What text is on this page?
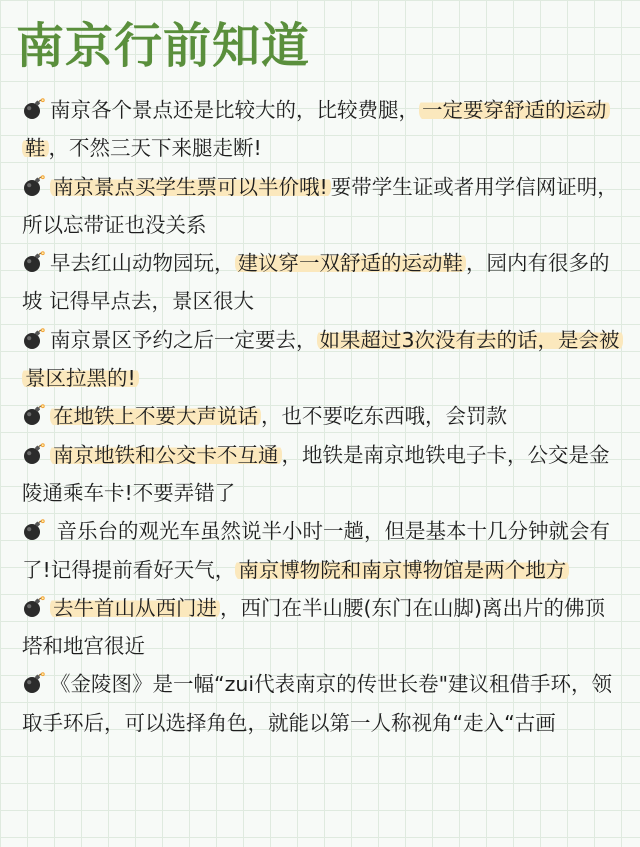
南京行前知道

南京各个景点还是比较大的，比较费腿， 一定要穿舒适的运动鞋 ，不然三天下来腿走断!

南京景点买学生票可以半价哦! 要带学生证或者用学信网证明，所以忘带证也没关系

早去红山动物园玩， 建议穿一双舒适的运动鞋 ，园内有很多的坡 记得早点去，景区很大

南京景区予约之后一定要去， 如果超过3次没有去的话，是会被景区拉黑的!

在地铁上不要大声说话 ，也不要吃东西哦，会罚款

南京地铁和公交卡不互通 ，地铁是南京地铁电子卡，公交是金陵通乘车卡!不要弄错了

音乐台的观光车虽然说半小时一趟，但是基本十几分钟就会有了!记得提前看好天气， 南京博物院和南京博物馆是两个地方

去牛首山从西门进 ，西门在半山腰(东门在山脚)离出片的佛顶塔和地宫很近

《金陵图》是一幅“zui代表南京的传世长卷"建议租借手环，领取手环后，可以选择角色，就能以第一人称视角“走入“古画
